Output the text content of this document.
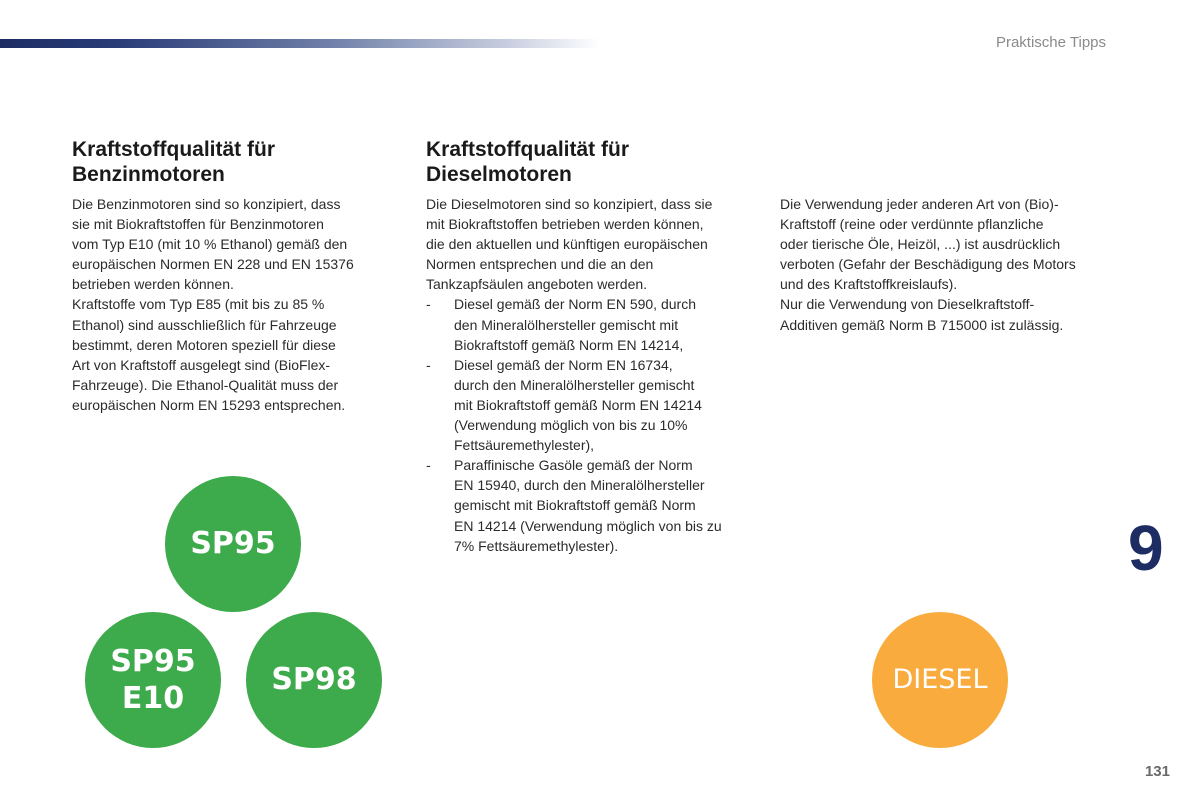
Praktische Tipps
Kraftstoffqualität für
Benzinmotoren
Die Benzinmotoren sind so konzipiert, dass
sie mit Biokraftstoffen für Benzinmotoren
vom Typ E10 (mit 10 % Ethanol) gemäß den
europäischen Normen EN 228 und EN 15376
betrieben werden können.
Kraftstoffe vom Typ E85 (mit bis zu 85 %
Ethanol) sind ausschließlich für Fahrzeuge
bestimmt, deren Motoren speziell für diese
Art von Kraftstoff ausgelegt sind (BioFlex-
Fahrzeuge). Die Ethanol-Qualität muss der
europäischen Norm EN 15293 entsprechen.
Kraftstoffqualität für
Dieselmotoren
Die Dieselmotoren sind so konzipiert, dass sie
mit Biokraftstoffen betrieben werden können,
die den aktuellen und künftigen europäischen
Normen entsprechen und die an den
Tankzapfsäulen angeboten werden.
- Diesel gemäß der Norm EN 590, durch
den Mineralölhersteller gemischt mit
Biokraftstoff gemäß Norm EN 14214,
- Diesel gemäß der Norm EN 16734,
durch den Mineralölhersteller gemischt
mit Biokraftstoff gemäß Norm EN 14214
(Verwendung möglich von bis zu 10%
Fettsäuremethylester),
- Paraffinische Gasöle gemäß der Norm
EN 15940, durch den Mineralölhersteller
gemischt mit Biokraftstoff gemäß Norm
EN 14214 (Verwendung möglich von bis zu
7% Fettsäuremethylester).
Die Verwendung jeder anderen Art von (Bio)-
Kraftstoff (reine oder verdünnte pflanzliche
oder tierische Öle, Heizöl, ...) ist ausdrücklich
verboten (Gefahr der Beschädigung des Motors
und des Kraftstoffkreislaufs).
Nur die Verwendung von Dieselkraftstoff-
Additiven gemäß Norm B 715000 ist zulässig.
SP95
SP95
E10
SP98	DIESEL
9
131
